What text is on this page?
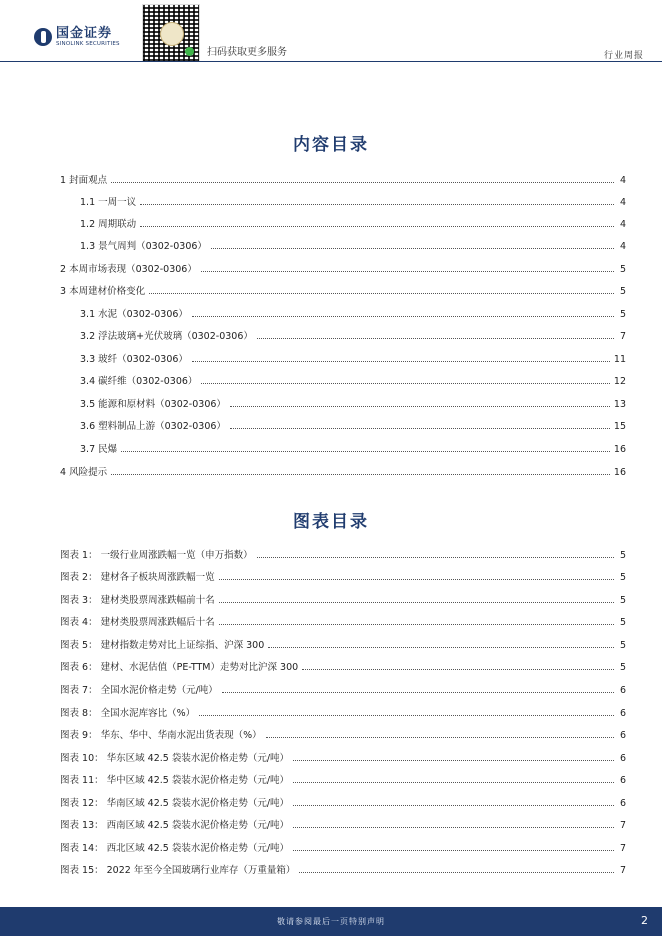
国金证券
SINOLINK SECURITIES
扫码获取更多服务	行业周报
内容目录
1 封面观点	4
1.1 一周一议	4
1.2 周期联动	4
1.3 景气周判（0302-0306）	4
2 本周市场表现（0302-0306）	5
3 本周建材价格变化	5
3.1 水泥（0302-0306）	5
3.2 浮法玻璃+光伏玻璃（0302-0306）	7
3.3 玻纤（0302-0306）	11
3.4 碳纤维（0302-0306）	12
3.5 能源和原材料（0302-0306）	13
3.6 塑料制品上游（0302-0306）	15
3.7 民爆	16
4 风险提示	16
图表目录
图表 1： 一级行业周涨跌幅一览（申万指数）	5
图表 2： 建材各子板块周涨跌幅一览	5
图表 3： 建材类股票周涨跌幅前十名	5
图表 4： 建材类股票周涨跌幅后十名	5
图表 5： 建材指数走势对比上证综指、沪深 300	5
图表 6： 建材、水泥估值（PE-TTM）走势对比沪深 300	5
图表 7： 全国水泥价格走势（元/吨）	6
图表 8： 全国水泥库容比（%）	6
图表 9： 华东、华中、华南水泥出货表现（%）	6
图表 10： 华东区域 42.5 袋装水泥价格走势（元/吨）	6
图表 11： 华中区域 42.5 袋装水泥价格走势（元/吨）	6
图表 12： 华南区域 42.5 袋装水泥价格走势（元/吨）	6
图表 13： 西南区域 42.5 袋装水泥价格走势（元/吨）	7
图表 14： 西北区域 42.5 袋装水泥价格走势（元/吨）	7
图表 15： 2022 年至今全国玻璃行业库存（万重量箱）	7
敬请参阅最后一页特别声明	2
